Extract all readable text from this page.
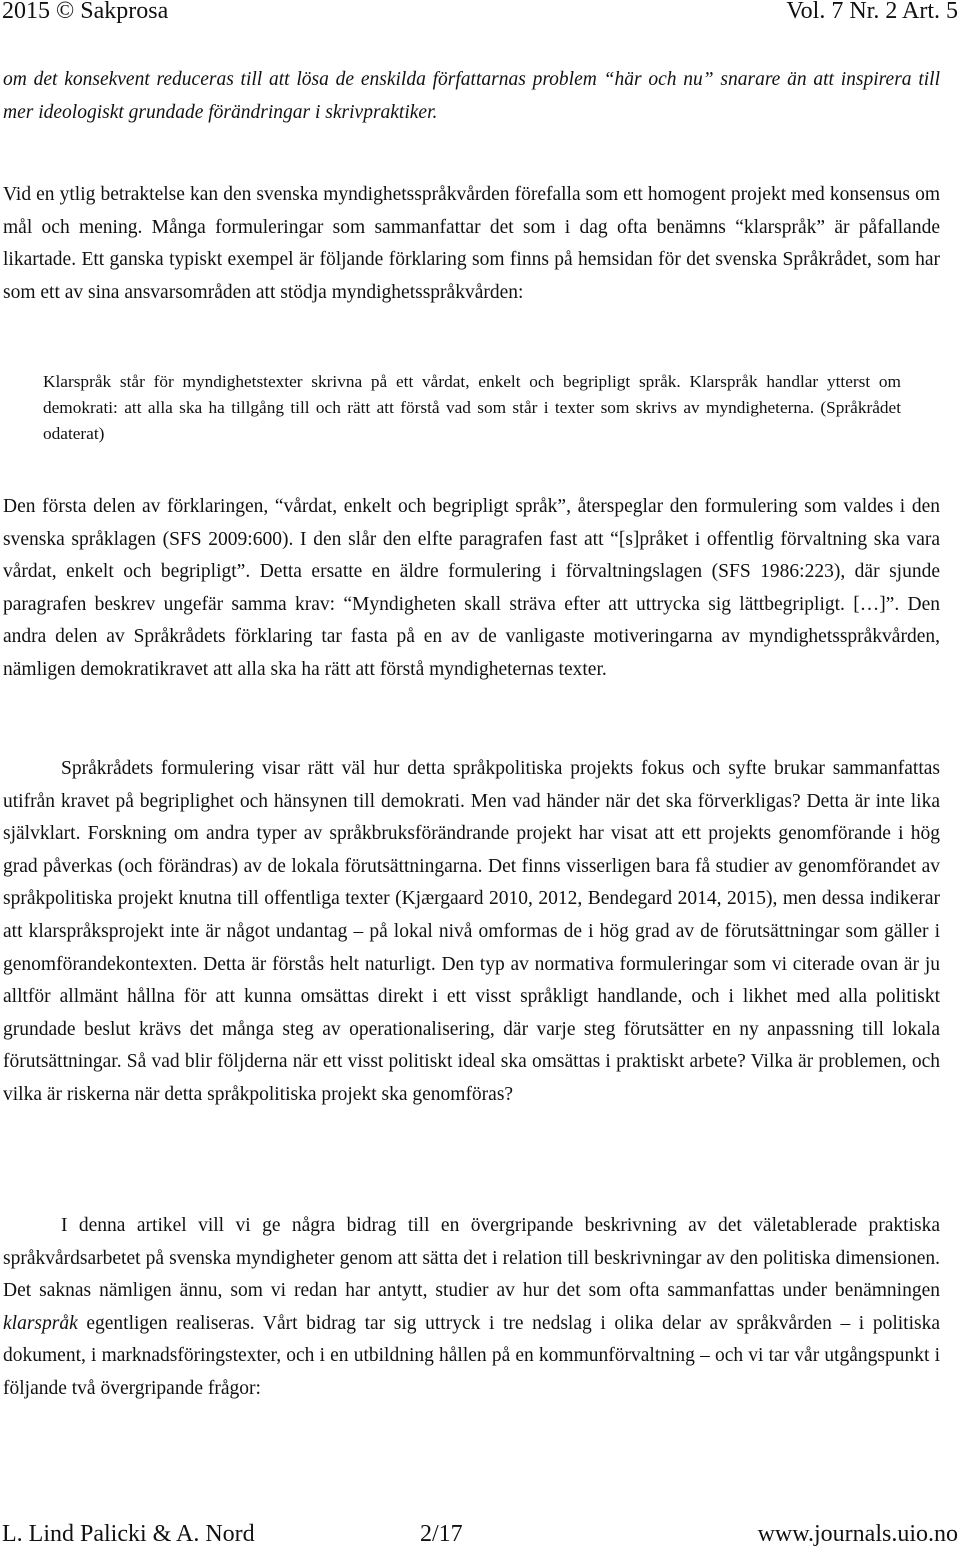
2015 © Sakprosa	Vol. 7 Nr. 2 Art. 5

om det konsekvent reduceras till att lösa de enskilda författarnas problem “här och nu” snarare än att inspirera till mer ideologiskt grundade förändringar i skrivpraktiker.

Vid en ytlig betraktelse kan den svenska myndighetsspråkvården förefalla som ett homogent projekt med konsensus om mål och mening. Många formuleringar som sammanfattar det som i dag ofta benämns “klarspråk” är påfallande likartade. Ett ganska typiskt exempel är följande förklaring som finns på hemsidan för det svenska Språkrådet, som har som ett av sina ansvarsområden att stödja myndighetsspråkvården:

Klarspråk står för myndighetstexter skrivna på ett vårdat, enkelt och begripligt språk. Klarspråk handlar ytterst om demokrati: att alla ska ha tillgång till och rätt att förstå vad som står i texter som skrivs av myndigheterna. (Språkrådet odaterat)

Den första delen av förklaringen, “vårdat, enkelt och begripligt språk”, återspeglar den formulering som valdes i den svenska språklagen (SFS 2009:600). I den slår den elfte paragrafen fast att “[s]pråket i offentlig förvaltning ska vara vårdat, enkelt och begripligt”. Detta ersatte en äldre formulering i förvaltningslagen (SFS 1986:223), där sjunde paragrafen beskrev ungefär samma krav: “Myndigheten skall sträva efter att uttrycka sig lättbegripligt. […]”. Den andra delen av Språkrådets förklaring tar fasta på en av de vanligaste motiveringarna av myndighetsspråkvården, nämligen demokratikravet att alla ska ha rätt att förstå myndigheternas texter.

Språkrådets formulering visar rätt väl hur detta språkpolitiska projekts fokus och syfte brukar sammanfattas utifrån kravet på begriplighet och hänsynen till demokrati. Men vad händer när det ska förverkligas? Detta är inte lika självklart. Forskning om andra typer av språkbruksförändrande projekt har visat att ett projekts genomförande i hög grad påverkas (och förändras) av de lokala förutsättningarna. Det finns visserligen bara få studier av genomförandet av språkpolitiska projekt knutna till offentliga texter (Kjærgaard 2010, 2012, Bendegard 2014, 2015), men dessa indikerar att klarspråksprojekt inte är något undantag – på lokal nivå omformas de i hög grad av de förutsättningar som gäller i genomförandekontexten. Detta är förstås helt naturligt. Den typ av normativa formuleringar som vi citerade ovan är ju alltför allmänt hållna för att kunna omsättas direkt i ett visst språkligt handlande, och i likhet med alla politiskt grundade beslut krävs det många steg av operationalisering, där varje steg förutsätter en ny anpassning till lokala förutsättningar. Så vad blir följderna när ett visst politiskt ideal ska omsättas i praktiskt arbete? Vilka är problemen, och vilka är riskerna när detta språkpolitiska projekt ska genomföras?

I denna artikel vill vi ge några bidrag till en övergripande beskrivning av det väletablerade praktiska språkvårdsarbetet på svenska myndigheter genom att sätta det i relation till beskrivningar av den politiska dimensionen. Det saknas nämligen ännu, som vi redan har antytt, studier av hur det som ofta sammanfattas under benämningen klarspråk egentligen realiseras. Vårt bidrag tar sig uttryck i tre nedslag i olika delar av språkvården – i politiska dokument, i marknadsföringstexter, och i en utbildning hållen på en kommunförvaltning – och vi tar vår utgångspunkt i följande två övergripande frågor:

L. Lind Palicki & A. Nord	2/17	www.journals.uio.no
